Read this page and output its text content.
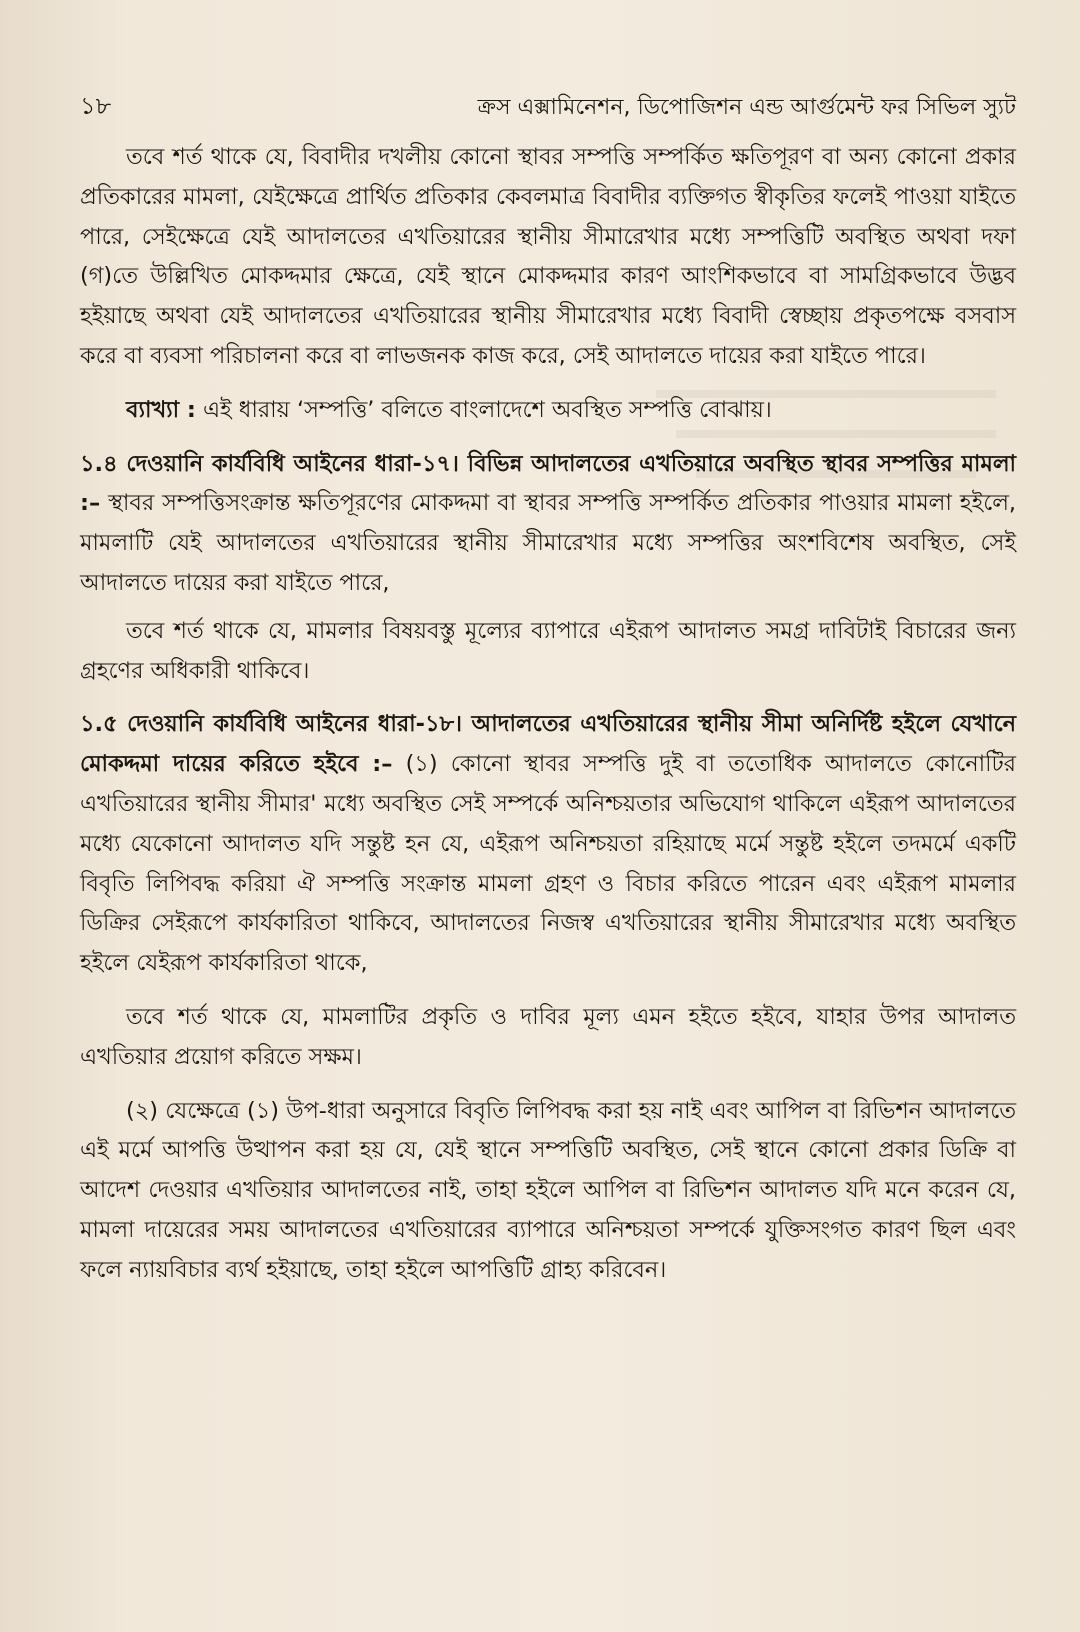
১৮	ক্রস এক্সামিনেশন, ডিপোজিশন এন্ড আর্গুমেন্ট ফর সিভিল স্যুট

তবে শর্ত থাকে যে, বিবাদীর দখলীয় কোনো স্থাবর সম্পত্তি সম্পর্কিত ক্ষতিপূরণ বা অন্য কোনো প্রকার প্রতিকারের মামলা, যেইক্ষেত্রে প্রার্থিত প্রতিকার কেবলমাত্র বিবাদীর ব্যক্তিগত স্বীকৃতির ফলেই পাওয়া যাইতে পারে, সেইক্ষেত্রে যেই আদালতের এখতিয়ারের স্থানীয় সীমারেখার মধ্যে সম্পত্তিটি অবস্থিত অথবা দফা (গ)তে উল্লিখিত মোকদ্দমার ক্ষেত্রে, যেই স্থানে মোকদ্দমার কারণ আংশিকভাবে বা সামগ্রিকভাবে উদ্ভব হইয়াছে অথবা যেই আদালতের এখতিয়ারের স্থানীয় সীমারেখার মধ্যে বিবাদী স্বেচ্ছায় প্রকৃতপক্ষে বসবাস করে বা ব্যবসা পরিচালনা করে বা লাভজনক কাজ করে, সেই আদালতে দায়ের করা যাইতে পারে।

ব্যাখ্যা : এই ধারায় ‘সম্পত্তি’ বলিতে বাংলাদেশে অবস্থিত সম্পত্তি বোঝায়।

১.৪ দেওয়ানি কার্যবিধি আইনের ধারা-১৭। বিভিন্ন আদালতের এখতিয়ারে অবস্থিত স্থাবর সম্পত্তির মামলা :– স্থাবর সম্পত্তিসংক্রান্ত ক্ষতিপূরণের মোকদ্দমা বা স্থাবর সম্পত্তি সম্পর্কিত প্রতিকার পাওয়ার মামলা হইলে, মামলাটি যেই আদালতের এখতিয়ারের স্থানীয় সীমারেখার মধ্যে সম্পত্তির অংশবিশেষ অবস্থিত, সেই আদালতে দায়ের করা যাইতে পারে,

তবে শর্ত থাকে যে, মামলার বিষয়বস্তু মূল্যের ব্যাপারে এইরূপ আদালত সমগ্র দাবিটাই বিচারের জন্য গ্রহণের অধিকারী থাকিবে।

১.৫ দেওয়ানি কার্যবিধি আইনের ধারা-১৮। আদালতের এখতিয়ারের স্থানীয় সীমা অনির্দিষ্ট হইলে যেখানে মোকদ্দমা দায়ের করিতে হইবে :– (১) কোনো স্থাবর সম্পত্তি দুই বা ততোধিক আদালতে কোনোটির এখতিয়ারের স্থানীয় সীমার' মধ্যে অবস্থিত সেই সম্পর্কে অনিশ্চয়তার অভিযোগ থাকিলে এইরূপ আদালতের মধ্যে যেকোনো আদালত যদি সন্তুষ্ট হন যে, এইরূপ অনিশ্চয়তা রহিয়াছে মর্মে সন্তুষ্ট হইলে তদমর্মে একটি বিবৃতি লিপিবদ্ধ করিয়া ঐ সম্পত্তি সংক্রান্ত মামলা গ্রহণ ও বিচার করিতে পারেন এবং এইরূপ মামলার ডিক্রির সেইরূপে কার্যকারিতা থাকিবে, আদালতের নিজস্ব এখতিয়ারের স্থানীয় সীমারেখার মধ্যে অবস্থিত হইলে যেইরূপ কার্যকারিতা থাকে,

তবে শর্ত থাকে যে, মামলাটির প্রকৃতি ও দাবির মূল্য এমন হইতে হইবে, যাহার উপর আদালত এখতিয়ার প্রয়োগ করিতে সক্ষম।

(২) যেক্ষেত্রে (১) উপ-ধারা অনুসারে বিবৃতি লিপিবদ্ধ করা হয় নাই এবং আপিল বা রিভিশন আদালতে এই মর্মে আপত্তি উত্থাপন করা হয় যে, যেই স্থানে সম্পত্তিটি অবস্থিত, সেই স্থানে কোনো প্রকার ডিক্রি বা আদেশ দেওয়ার এখতিয়ার আদালতের নাই, তাহা হইলে আপিল বা রিভিশন আদালত যদি মনে করেন যে, মামলা দায়েরের সময় আদালতের এখতিয়ারের ব্যাপারে অনিশ্চয়তা সম্পর্কে যুক্তিসংগত কারণ ছিল এবং ফলে ন্যায়বিচার ব্যর্থ হইয়াছে, তাহা হইলে আপত্তিটি গ্রাহ্য করিবেন।
